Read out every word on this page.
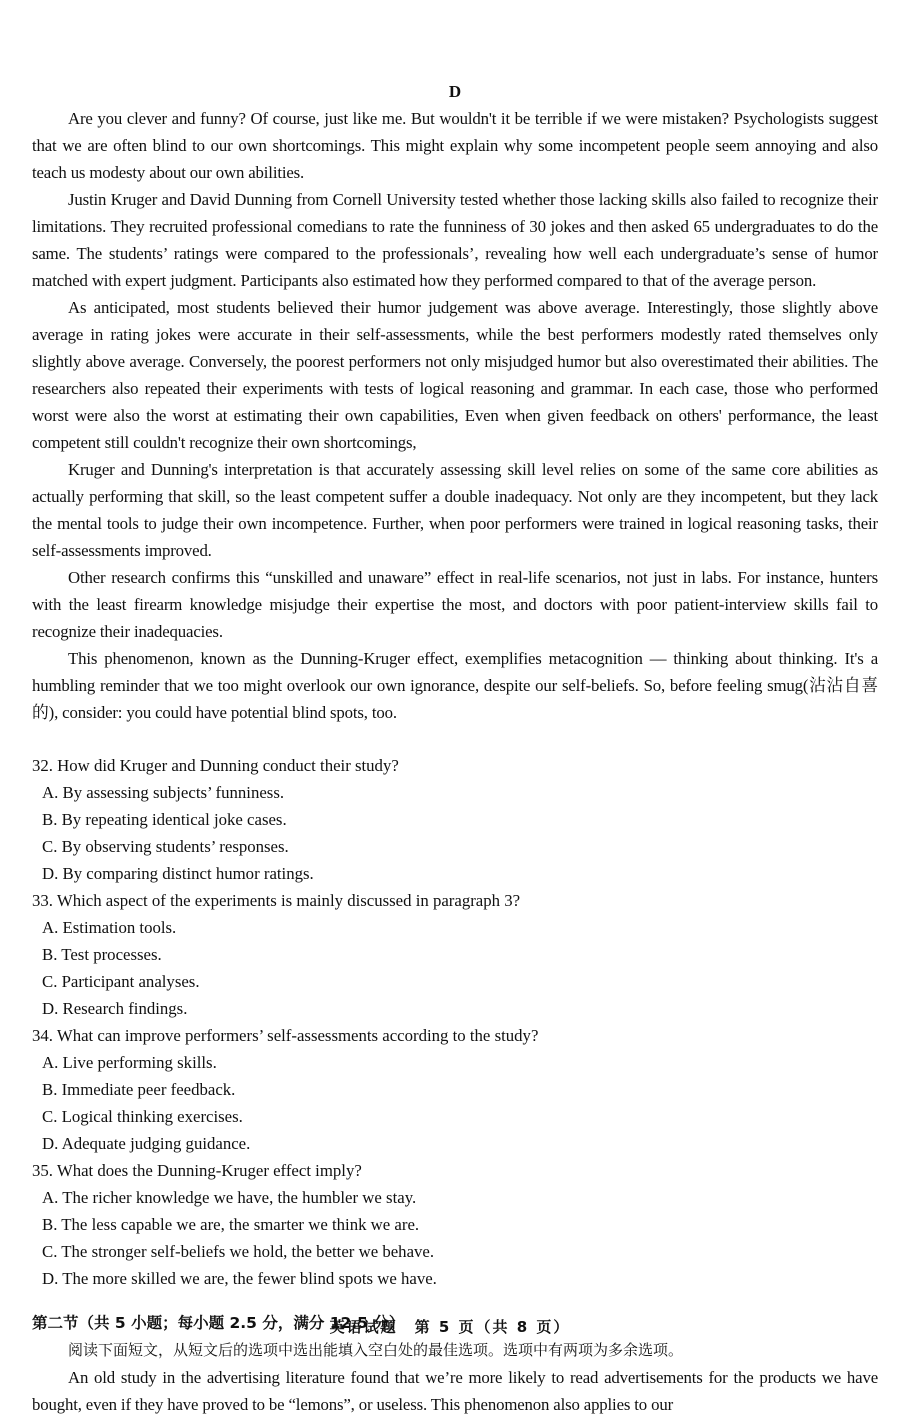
D

Are you clever and funny? Of course, just like me. But wouldn't it be terrible if we were mistaken? Psychologists suggest that we are often blind to our own shortcomings. This might explain why some incompetent people seem annoying and also teach us modesty about our own abilities.

Justin Kruger and David Dunning from Cornell University tested whether those lacking skills also failed to recognize their limitations. They recruited professional comedians to rate the funniness of 30 jokes and then asked 65 undergraduates to do the same. The students’ ratings were compared to the professionals’, revealing how well each undergraduate’s sense of humor matched with expert judgment. Participants also estimated how they performed compared to that of the average person.

As anticipated, most students believed their humor judgement was above average. Interestingly, those slightly above average in rating jokes were accurate in their self-assessments, while the best performers modestly rated themselves only slightly above average. Conversely, the poorest performers not only misjudged humor but also overestimated their abilities. The researchers also repeated their experiments with tests of logical reasoning and grammar. In each case, those who performed worst were also the worst at estimating their own capabilities, Even when given feedback on others' performance, the least competent still couldn't recognize their own shortcomings,

Kruger and Dunning's interpretation is that accurately assessing skill level relies on some of the same core abilities as actually performing that skill, so the least competent suffer a double inadequacy. Not only are they incompetent, but they lack the mental tools to judge their own incompetence. Further, when poor performers were trained in logical reasoning tasks, their self-assessments improved.

Other research confirms this “unskilled and unaware” effect in real-life scenarios, not just in labs. For instance, hunters with the least firearm knowledge misjudge their expertise the most, and doctors with poor patient-interview skills fail to recognize their inadequacies.

This phenomenon, known as the Dunning-Kruger effect, exemplifies metacognition — thinking about thinking. It's a humbling reminder that we too might overlook our own ignorance, despite our self-beliefs. So, before feeling smug(沾沾自喜的), consider: you could have potential blind spots, too.

32. How did Kruger and Dunning conduct their study?

A. By assessing subjects’ funniness.
B. By repeating identical joke cases.
C. By observing students’ responses.
D. By comparing distinct humor ratings.

33. Which aspect of the experiments is mainly discussed in paragraph 3?

A. Estimation tools.
B. Test processes.
C. Participant analyses.
D. Research findings.

34. What can improve performers’ self-assessments according to the study?

A. Live performing skills.
B. Immediate peer feedback.
C. Logical thinking exercises.
D. Adequate judging guidance.

35. What does the Dunning-Kruger effect imply?

A. The richer knowledge we have, the humbler we stay.
B. The less capable we are, the smarter we think we are.
C. The stronger self-beliefs we hold, the better we behave.
D. The more skilled we are, the fewer blind spots we have.

第二节（共 5 小题；每小题 2.5 分，满分 12.5 分）

阅读下面短文，从短文后的选项中选出能填入空白处的最佳选项。选项中有两项为多余选项。

An old study in the advertising literature found that we’re more likely to read advertisements for the products we have bought, even if they have proved to be “lemons”, or useless. This phenomenon also applies to our

英语试题　第 5 页（共 8 页）
